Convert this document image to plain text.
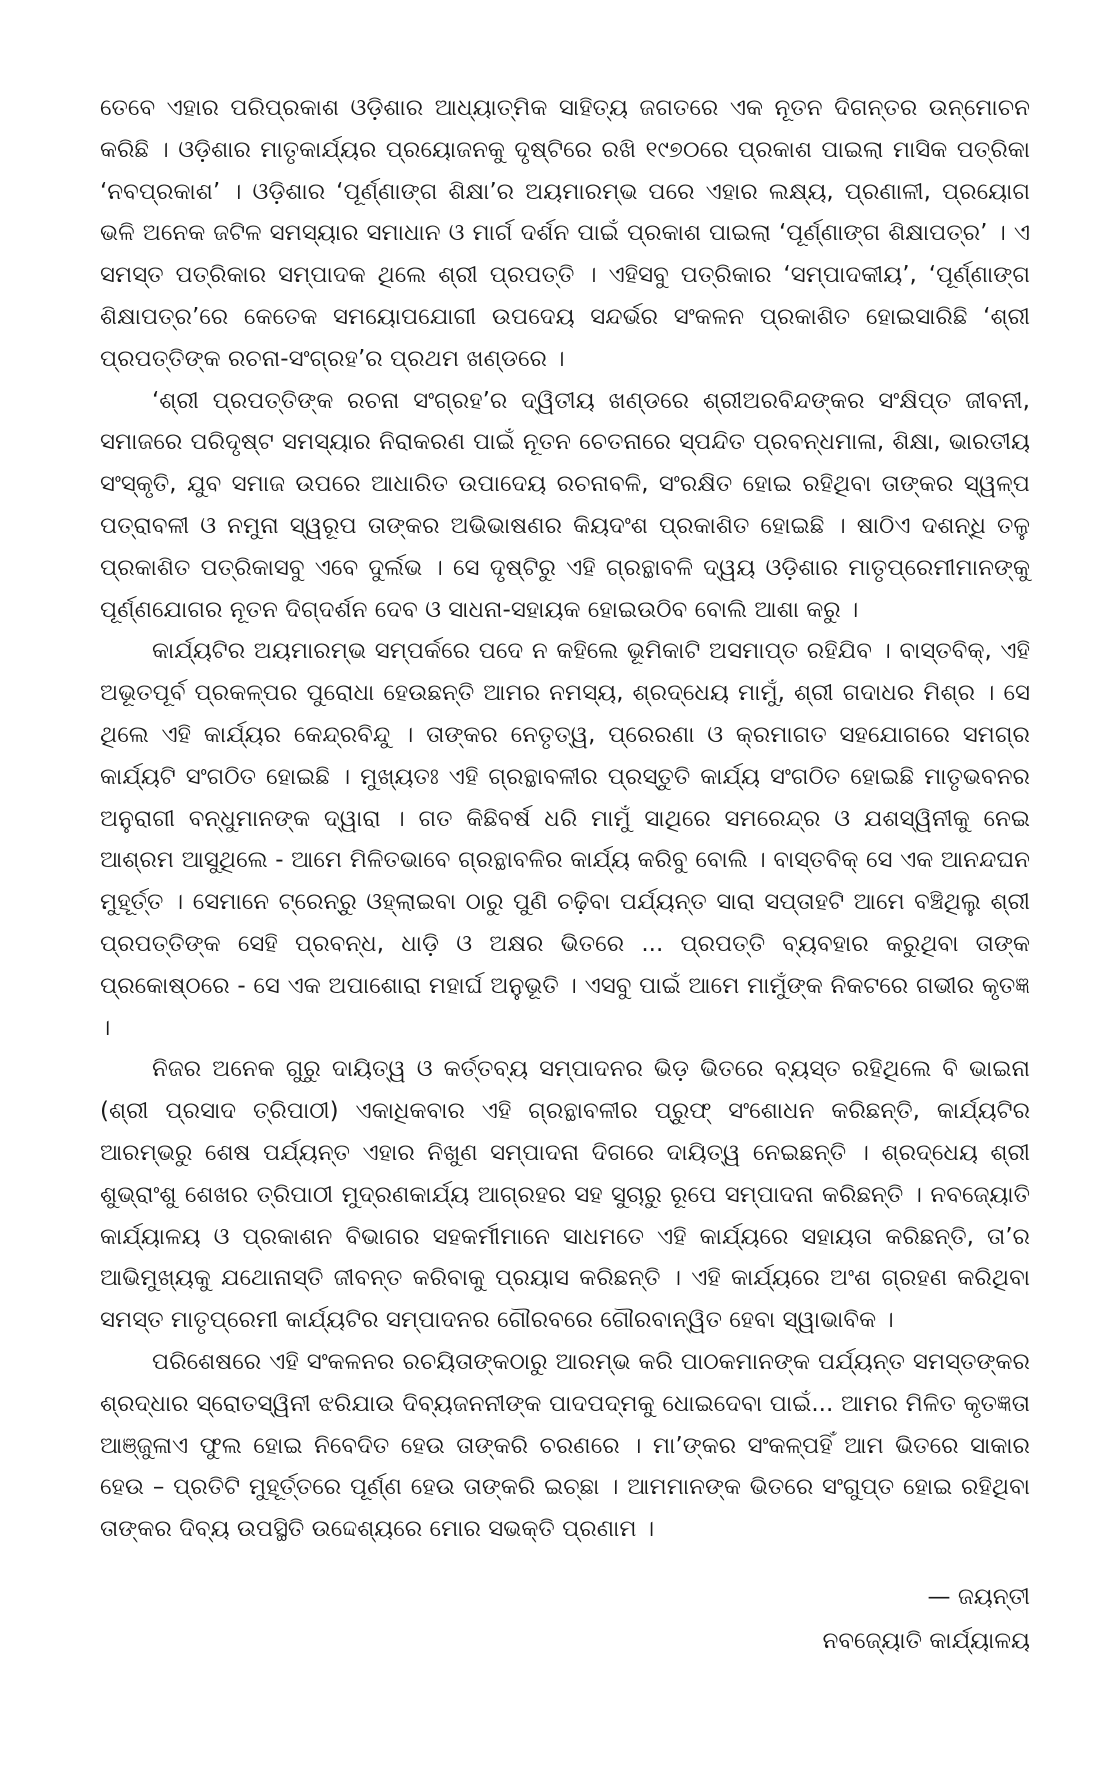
ତେବେ ଏହାର ପରିପ୍ରକାଶ ଓଡ଼ିଶାର ଆଧ୍ୟାତ୍ମିକ ସାହିତ୍ୟ ଜଗତରେ ଏକ ନୂତନ ଦିଗନ୍ତର ଉନ୍ମୋଚନ କରିଛି । ଓଡ଼ିଶାର ମାତୃକାର୍ଯ୍ୟର ପ୍ରୟୋଜନକୁ ଦୃଷ୍ଟିରେ ରଖି ୧୯୭୦ରେ ପ୍ରକାଶ ପାଇଲା ମାସିକ ପତ୍ରିକା ‘ନବପ୍ରକାଶ’ । ଓଡ଼ିଶାର ‘ପୂର୍ଣ୍ଣାଙ୍ଗ ଶିକ୍ଷା’ର ଅୟମାରମ୍ଭ ପରେ ଏହାର ଲକ୍ଷ୍ୟ, ପ୍ରଣାଳୀ, ପ୍ରୟୋଗ ଭଳି ଅନେକ ଜଟିଳ ସମସ୍ୟାର ସମାଧାନ ଓ ମାର୍ଗ ଦର୍ଶନ ପାଇଁ ପ୍ରକାଶ ପାଇଲା ‘ପୂର୍ଣ୍ଣାଙ୍ଗ ଶିକ୍ଷାପତ୍ର’ । ଏ ସମସ୍ତ ପତ୍ରିକାର ସମ୍ପାଦକ ଥିଲେ ଶ୍ରୀ ପ୍ରପତ୍ତି । ଏହିସବୁ ପତ୍ରିକାର ‘ସମ୍ପାଦକୀୟ’, ‘ପୂର୍ଣ୍ଣାଙ୍ଗ ଶିକ୍ଷାପତ୍ର’ରେ କେତେକ ସମୟୋପଯୋଗୀ ଉପଦେୟ ସନ୍ଦର୍ଭର ସଂକଳନ ପ୍ରକାଶିତ ହୋଇସାରିଛି ‘ଶ୍ରୀ ପ୍ରପତ୍ତିଙ୍କ ରଚନା-ସଂଗ୍ରହ’ର ପ୍ରଥମ ଖଣ୍ଡରେ ।

‘ଶ୍ରୀ ପ୍ରପତ୍ତିଙ୍କ ରଚନା ସଂଗ୍ରହ’ର ଦ୍ୱିତୀୟ ଖଣ୍ଡରେ ଶ୍ରୀଅରବିନ୍ଦଙ୍କର ସଂକ୍ଷିପ୍ତ ଜୀବନୀ, ସମାଜରେ ପରିଦୃଷ୍ଟ ସମସ୍ୟାର ନିରାକରଣ ପାଇଁ ନୂତନ ଚେତନାରେ ସ୍ପନ୍ଦିତ ପ୍ରବନ୍ଧମାଳା, ଶିକ୍ଷା, ଭାରତୀୟ ସଂସ୍କୃତି, ଯୁବ ସମାଜ ଉପରେ ଆଧାରିତ ଉପାଦେୟ ରଚନାବଳି, ସଂରକ୍ଷିତ ହୋଇ ରହିଥିବା ତାଙ୍କର ସ୍ୱଳ୍ପ ପତ୍ରାବଳୀ ଓ ନମୁନା ସ୍ୱରୂପ ତାଙ୍କର ଅଭିଭାଷଣର କିୟଦଂଶ ପ୍ରକାଶିତ ହୋଇଛି । ଷାଠିଏ ଦଶନ୍ଧି ତଳୁ ପ୍ରକାଶିତ ପତ୍ରିକାସବୁ ଏବେ ଦୁର୍ଲଭ । ସେ ଦୃଷ୍ଟିରୁ ଏହି ଗ୍ରନ୍ଥାବଳି ଦ୍ୱୟ ଓଡ଼ିଶାର ମାତୃପ୍ରେମୀମାନଙ୍କୁ ପୂର୍ଣ୍ଣଯୋଗର ନୂତନ ଦିଗ୍‌ଦର୍ଶନ ଦେବ ଓ ସାଧନା-ସହାୟକ ହୋଇଉଠିବ ବୋଲି ଆଶା କରୁ ।

କାର୍ଯ୍ୟଟିର ଅୟମାରମ୍ଭ ସମ୍ପର୍କରେ ପଦେ ନ କହିଲେ ଭୂମିକାଟି ଅସମାପ୍ତ ରହିଯିବ । ବାସ୍ତବିକ୍, ଏହି ଅଭୂତପୂର୍ବ ପ୍ରକଳ୍ପର ପୁରୋଧା ହେଉଛନ୍ତି ଆମର ନମସ୍ୟ, ଶ୍ରଦ୍ଧେୟ ମାମୁଁ, ଶ୍ରୀ ଗଦାଧର ମିଶ୍ର । ସେ ଥିଲେ ଏହି କାର୍ଯ୍ୟର କେନ୍ଦ୍ରବିନ୍ଦୁ । ତାଙ୍କର ନେତୃତ୍ୱ, ପ୍ରେରଣା ଓ କ୍ରମାଗତ ସହଯୋଗରେ ସମଗ୍ର କାର୍ଯ୍ୟଟି ସଂଗଠିତ ହୋଇଛି । ମୁଖ୍ୟତଃ ଏହି ଗ୍ରନ୍ଥାବଳୀର ପ୍ରସ୍ତୁତି କାର୍ଯ୍ୟ ସଂଗଠିତ ହୋଇଛି ମାତୃଭବନର ଅନୁରାଗୀ ବନ୍ଧୁମାନଙ୍କ ଦ୍ୱାରା । ଗତ କିଛିବର୍ଷ ଧରି ମାମୁଁ ସାଥିରେ ସମରେନ୍ଦ୍ର ଓ ଯଶସ୍ୱିନୀକୁ ନେଇ ଆଶ୍ରମ ଆସୁଥିଲେ - ଆମେ ମିଳିତଭାବେ ଗ୍ରନ୍ଥାବଳିର କାର୍ଯ୍ୟ କରିବୁ ବୋଲି । ବାସ୍ତବିକ୍ ସେ ଏକ ଆନନ୍ଦଘନ ମୁହୂର୍ତ୍ତ । ସେମାନେ ଟ୍ରେନ୍‌ରୁ ଓହ୍ଲାଇବା ଠାରୁ ପୁଣି ଚଢ଼ିବା ପର୍ଯ୍ୟନ୍ତ ସାରା ସପ୍ତାହଟି ଆମେ ବଞ୍ଚିଥିଲୁ ଶ୍ରୀ ପ୍ରପତ୍ତିଙ୍କ ସେହି ପ୍ରବନ୍ଧ, ଧାଡ଼ି ଓ ଅକ୍ଷର ଭିତରେ ... ପ୍ରପତ୍ତି ବ୍ୟବହାର କରୁଥିବା ତାଙ୍କ ପ୍ରକୋଷ୍ଠରେ - ସେ ଏକ ଅପାଶୋରା ମହାର୍ଘ ଅନୁଭୂତି । ଏସବୁ ପାଇଁ ଆମେ ମାମୁଁଙ୍କ ନିକଟରେ ଗଭୀର କୃତଜ୍ଞ ।

ନିଜର ଅନେକ ଗୁରୁ ଦାୟିତ୍ୱ ଓ କର୍ତ୍ତବ୍ୟ ସମ୍ପାଦନର ଭିଡ଼ ଭିତରେ ବ୍ୟସ୍ତ ରହିଥିଲେ ବି ଭାଇନା (ଶ୍ରୀ ପ୍ରସାଦ ତ୍ରିପାଠୀ) ଏକାଧିକବାର ଏହି ଗ୍ରନ୍ଥାବଳୀର ପ୍ରୁଫ୍ ସଂଶୋଧନ କରିଛନ୍ତି, କାର୍ଯ୍ୟଟିର ଆରମ୍ଭରୁ ଶେଷ ପର୍ଯ୍ୟନ୍ତ ଏହାର ନିଖୁଣ ସମ୍ପାଦନା ଦିଗରେ ଦାୟିତ୍ୱ ନେଇଛନ୍ତି । ଶ୍ରଦ୍ଧେୟ ଶ୍ରୀ ଶୁଭ୍ରାଂଶୁ ଶେଖର ତ୍ରିପାଠୀ ମୁଦ୍ରଣକାର୍ଯ୍ୟ ଆଗ୍ରହର ସହ ସୁଚାରୁ ରୂପେ ସମ୍ପାଦନା କରିଛନ୍ତି । ନବଜ୍ୟୋତି କାର୍ଯ୍ୟାଳୟ ଓ ପ୍ରକାଶନ ବିଭାଗର ସହକର୍ମୀମାନେ ସାଧମତେ ଏହି କାର୍ଯ୍ୟରେ ସହାୟତା କରିଛନ୍ତି, ତା’ର ଆଭିମୁଖ୍ୟକୁ ଯଥୋନାସ୍ତି ଜୀବନ୍ତ କରିବାକୁ ପ୍ରୟାସ କରିଛନ୍ତି । ଏହି କାର୍ଯ୍ୟରେ ଅଂଶ ଗ୍ରହଣ କରିଥିବା ସମସ୍ତ ମାତୃପ୍ରେମୀ କାର୍ଯ୍ୟଟିର ସମ୍ପାଦନର ଗୌରବରେ ଗୌରବାନ୍ୱିତ ହେବା ସ୍ୱାଭାବିକ ।

ପରିଶେଷରେ ଏହି ସଂକଳନର ରଚୟିତାଙ୍କଠାରୁ ଆରମ୍ଭ କରି ପାଠକମାନଙ୍କ ପର୍ଯ୍ୟନ୍ତ ସମସ୍ତଙ୍କର ଶ୍ରଦ୍ଧାର ସ୍ରୋତସ୍ୱିନୀ ଝରିଯାଉ ଦିବ୍ୟଜନନୀଙ୍କ ପାଦପଦ୍ମକୁ ଧୋଇଦେବା ପାଇଁ... ଆମର ମିଳିତ କୃତଜ୍ଞତା ଆଞ୍ଜୁଳାଏ ଫୁଲ ହୋଇ ନିବେଦିତ ହେଉ ତାଙ୍କରି ଚରଣରେ । ମା’ଙ୍କର ସଂକଳ୍ପହିଁ ଆମ ଭିତରେ ସାକାର ହେଉ – ପ୍ରତିଟି ମୁହୂର୍ତ୍ତରେ ପୂର୍ଣ୍ଣ ହେଉ ତାଙ୍କରି ଇଚ୍ଛା । ଆମମାନଙ୍କ ଭିତରେ ସଂଗୁପ୍ତ ହୋଇ ରହିଥିବା ତାଙ୍କର ଦିବ୍ୟ ଉପସ୍ଥିତି ଉଦ୍ଦେଶ୍ୟରେ ମୋର ସଭକ୍ତି ପ୍ରଣାମ ।

— ଜୟନ୍ତୀ
ନବଜ୍ୟୋତି କାର୍ଯ୍ୟାଳୟ
